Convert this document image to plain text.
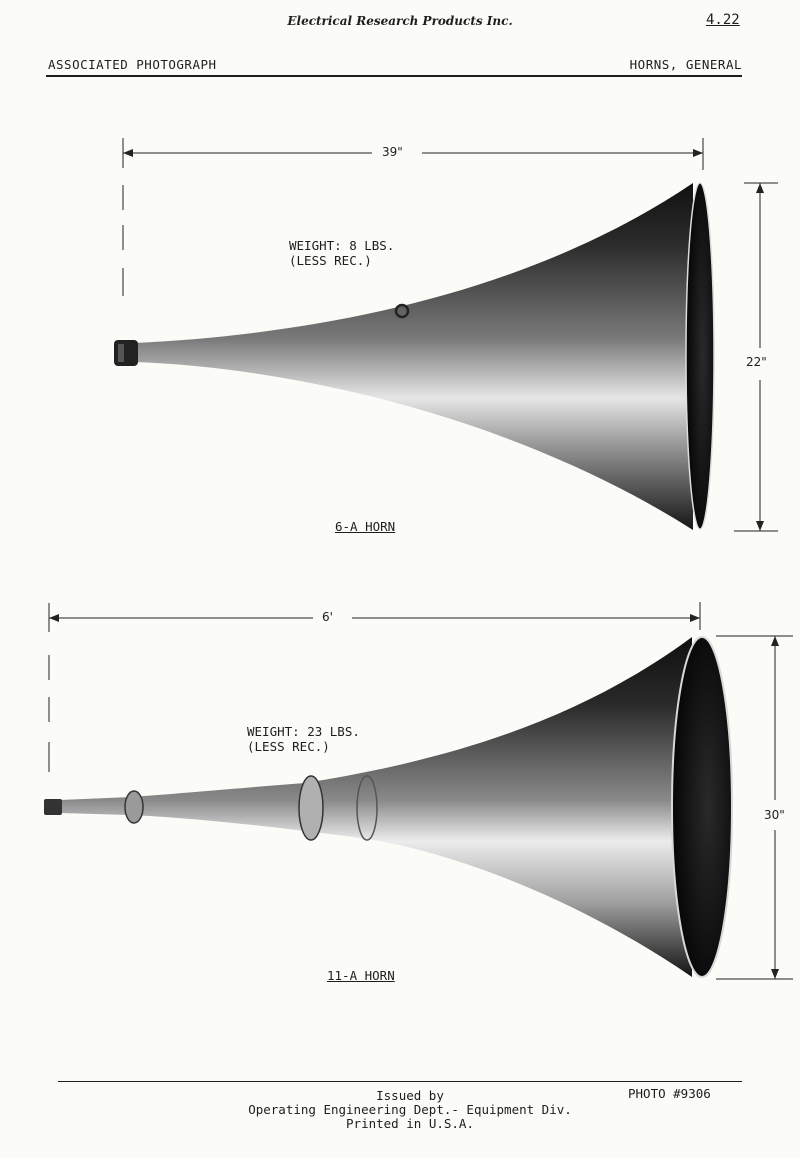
Electrical Research Products Inc.	4.22
ASSOCIATED PHOTOGRAPH	HORNS, GENERAL
39"
22"
WEIGHT: 8 LBS.
(LESS REC.)
6-A HORN
6'
30"
WEIGHT: 23 LBS.
(LESS REC.)
11-A HORN
Issued by
Operating Engineering Dept.- Equipment Div.
Printed in U.S.A.
PHOTO #9306
